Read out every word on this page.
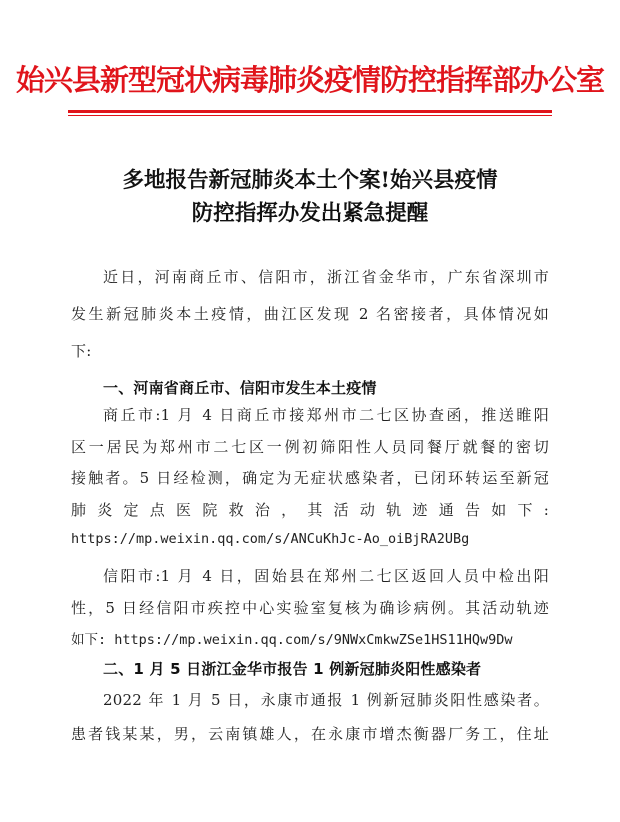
始兴县新型冠状病毒肺炎疫情防控指挥部办公室
多地报告新冠肺炎本土个案!始兴县疫情
防控指挥办发出紧急提醒
近日，河南商丘市、信阳市，浙江省金华市，广东省深圳市
发生新冠肺炎本土疫情，曲江区发现 2 名密接者，具体情况如
下:
一、河南省商丘市、信阳市发生本土疫情
商丘市:1 月 4 日商丘市接郑州市二七区协查函，推送睢阳
区一居民为郑州市二七区一例初筛阳性人员同餐厅就餐的密切
接触者。5 日经检测，确定为无症状感染者，已闭环转运至新冠
肺 炎 定 点 医 院 救 治 ， 其 活 动 轨 迹 通 告 如 下 :
https://mp.weixin.qq.com/s/ANCuKhJc-Ao_oiBjRA2UBg
信阳市:1 月 4 日，固始县在郑州二七区返回人员中检出阳
性，5 日经信阳市疾控中心实验室复核为确诊病例。其活动轨迹
如下: https://mp.weixin.qq.com/s/9NWxCmkwZSe1HS11HQw9Dw
二、1 月 5 日浙江金华市报告 1 例新冠肺炎阳性感染者
2022 年 1 月 5 日，永康市通报 1 例新冠肺炎阳性感染者。
患者钱某某，男，云南镇雄人，在永康市增杰衡器厂务工，住址
